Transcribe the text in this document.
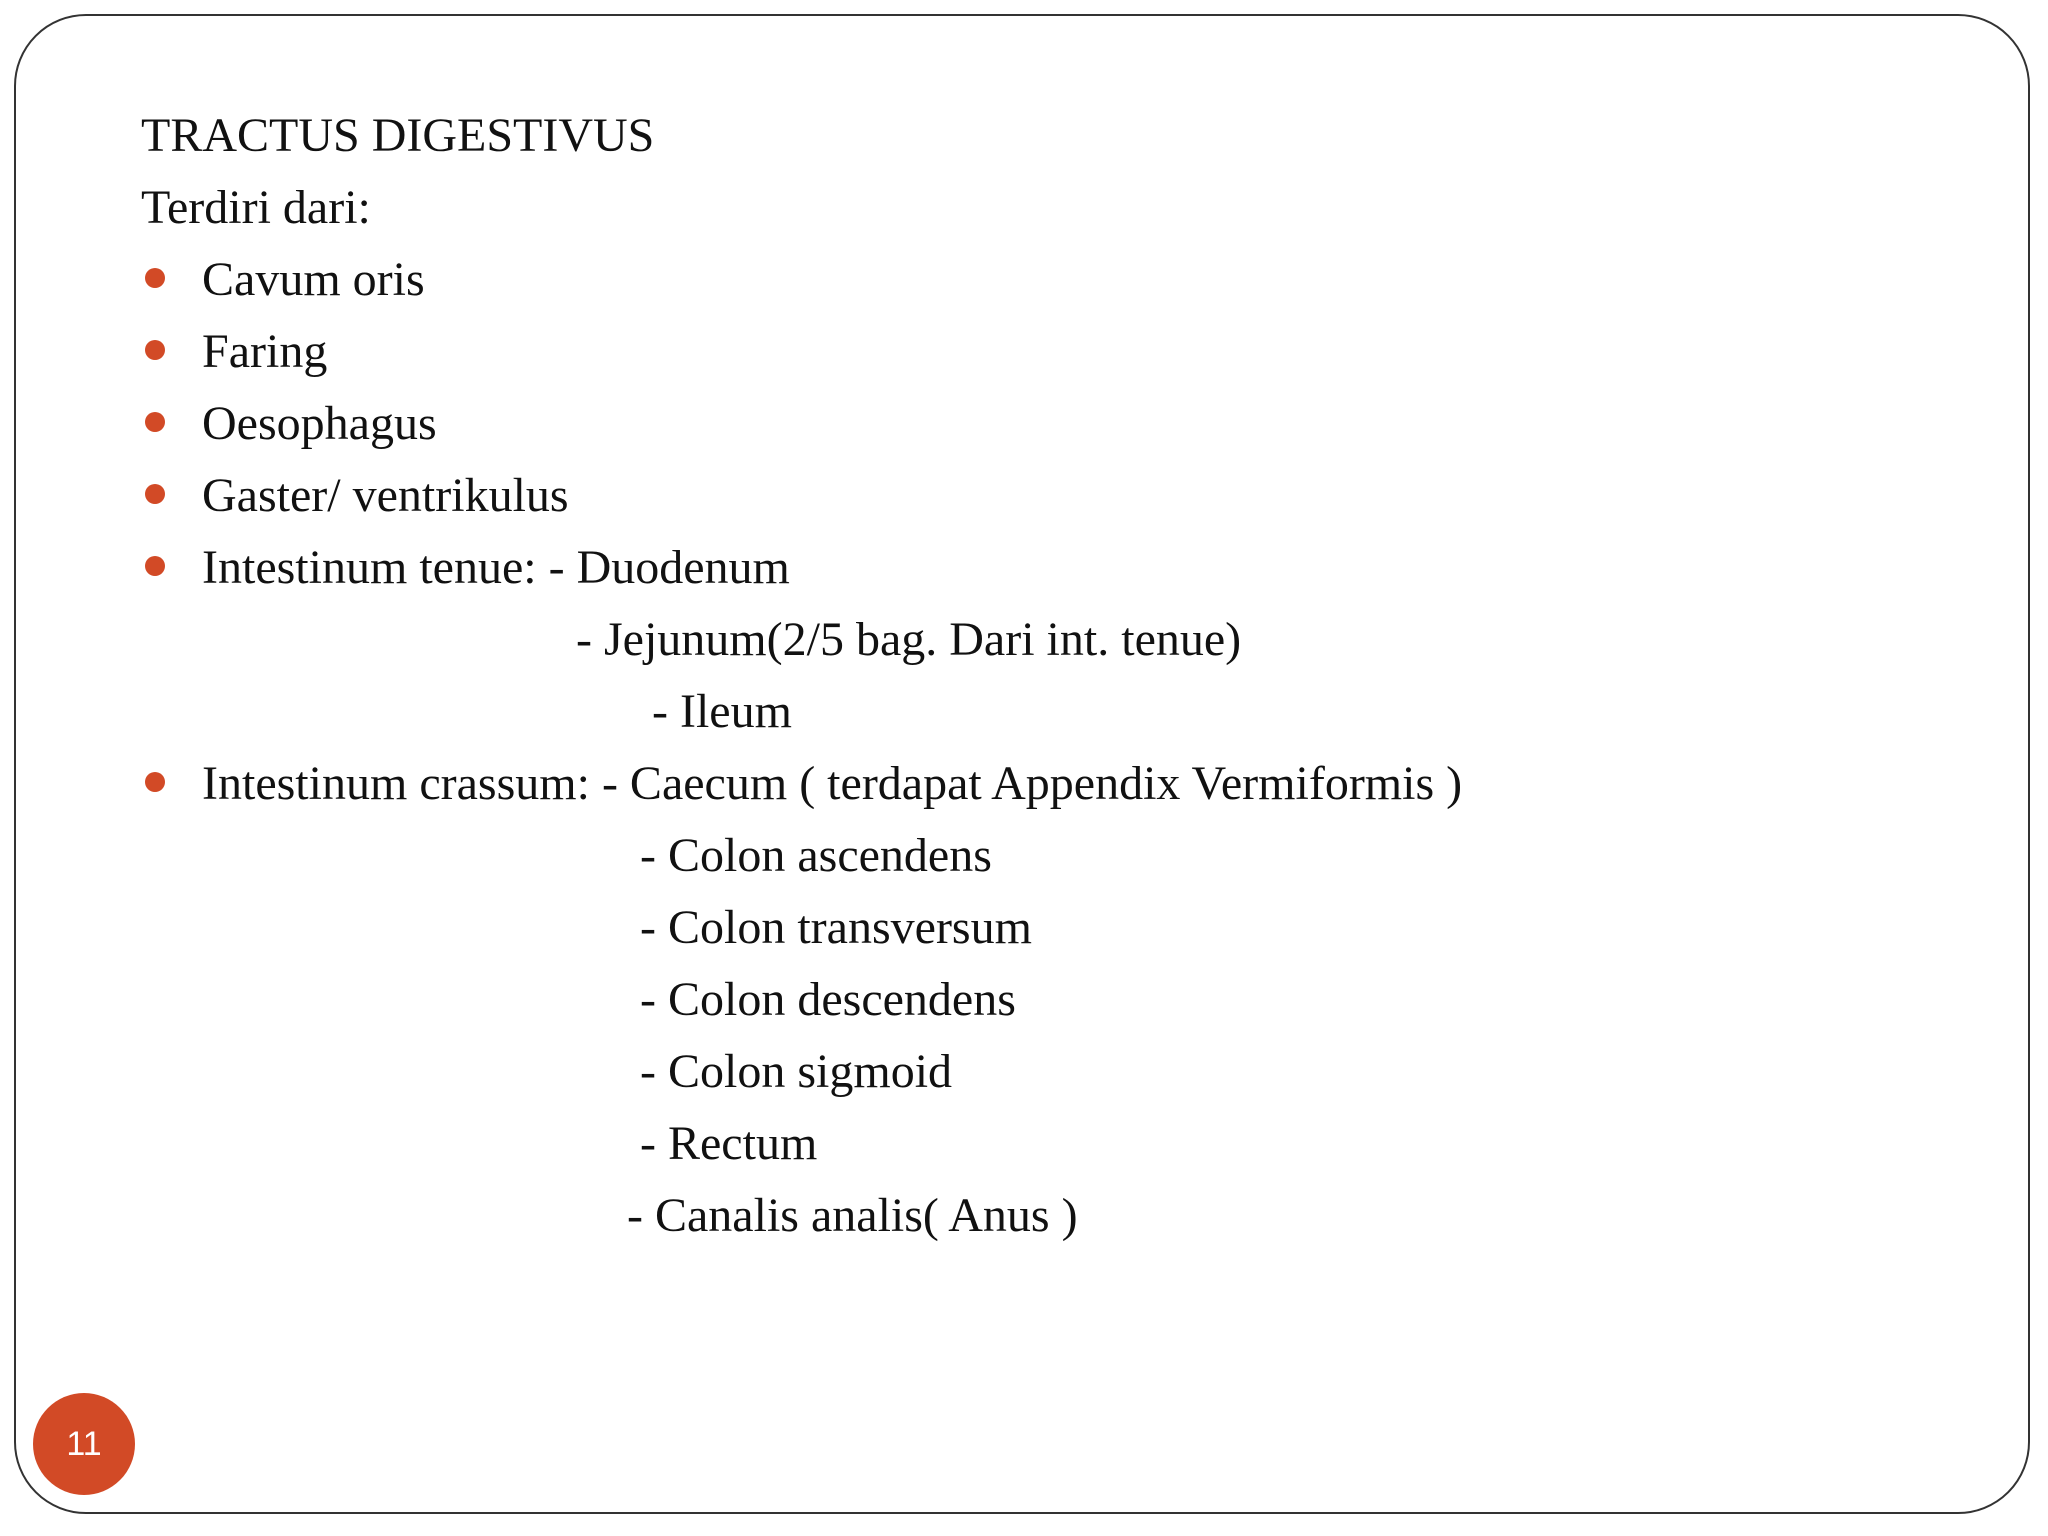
TRACTUS DIGESTIVUS
Terdiri dari:
Cavum oris
Faring
Oesophagus
Gaster/ ventrikulus
Intestinum tenue: - Duodenum
- Jejunum(2/5 bag. Dari int. tenue)
- Ileum
Intestinum crassum: - Caecum ( terdapat Appendix Vermiformis )
- Colon ascendens
- Colon transversum
- Colon descendens
- Colon sigmoid
- Rectum
- Canalis analis( Anus )
11
